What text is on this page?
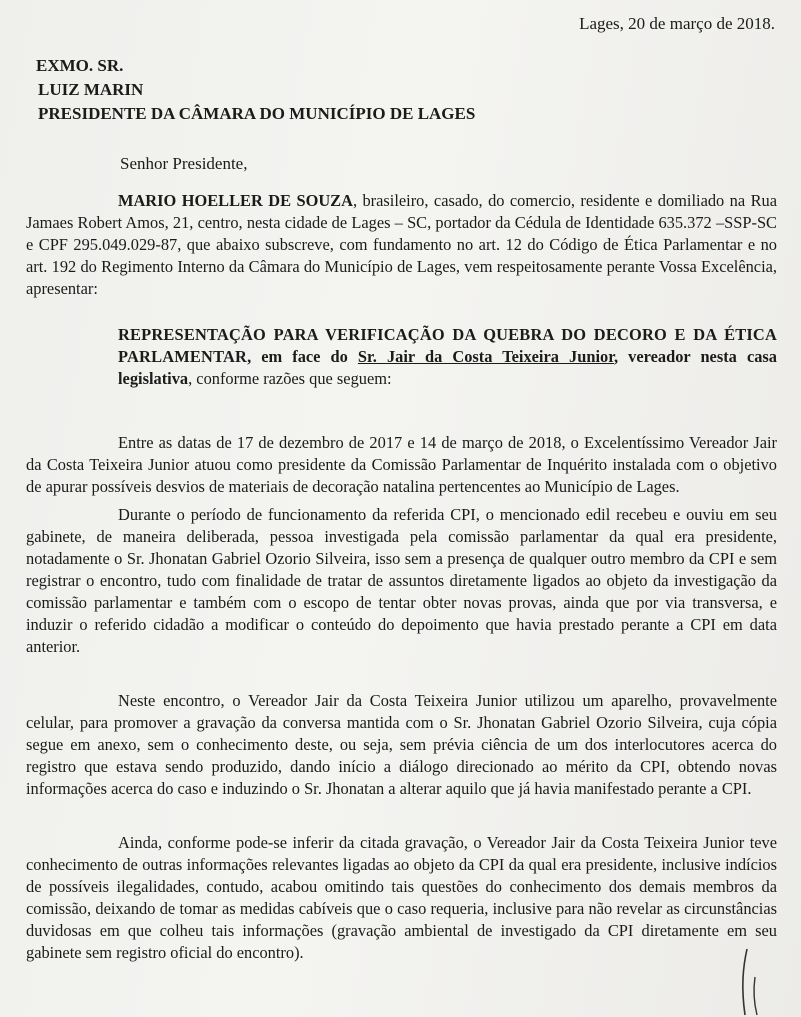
Lages, 20 de março de 2018.
EXMO. SR.
LUIZ MARIN
PRESIDENTE DA CÂMARA DO MUNICÍPIO DE LAGES
Senhor Presidente,

MARIO HOELLER DE SOUZA, brasileiro, casado, do comercio, residente e domiliado na Rua Jamaes Robert Amos, 21, centro, nesta cidade de Lages – SC, portador da Cédula de Identidade 635.372 –SSP-SC e CPF 295.049.029-87, que abaixo subscreve, com fundamento no art. 12 do Código de Ética Parlamentar e no art. 192 do Regimento Interno da Câmara do Município de Lages, vem respeitosamente perante Vossa Excelência, apresentar:

REPRESENTAÇÃO PARA VERIFICAÇÃO DA QUEBRA DO DECORO E DA ÉTICA PARLAMENTAR, em face do Sr. Jair da Costa Teixeira Junior, vereador nesta casa legislativa, conforme razões que seguem:

Entre as datas de 17 de dezembro de 2017 e 14 de março de 2018, o Excelentíssimo Vereador Jair da Costa Teixeira Junior atuou como presidente da Comissão Parlamentar de Inquérito instalada com o objetivo de apurar possíveis desvios de materiais de decoração natalina pertencentes ao Município de Lages.

Durante o período de funcionamento da referida CPI, o mencionado edil recebeu e ouviu em seu gabinete, de maneira deliberada, pessoa investigada pela comissão parlamentar da qual era presidente, notadamente o Sr. Jhonatan Gabriel Ozorio Silveira, isso sem a presença de qualquer outro membro da CPI e sem registrar o encontro, tudo com finalidade de tratar de assuntos diretamente ligados ao objeto da investigação da comissão parlamentar e também com o escopo de tentar obter novas provas, ainda que por via transversa, e induzir o referido cidadão a modificar o conteúdo do depoimento que havia prestado perante a CPI em data anterior.

Neste encontro, o Vereador Jair da Costa Teixeira Junior utilizou um aparelho, provavelmente celular, para promover a gravação da conversa mantida com o Sr. Jhonatan Gabriel Ozorio Silveira, cuja cópia segue em anexo, sem o conhecimento deste, ou seja, sem prévia ciência de um dos interlocutores acerca do registro que estava sendo produzido, dando início a diálogo direcionado ao mérito da CPI, obtendo novas informações acerca do caso e induzindo o Sr. Jhonatan a alterar aquilo que já havia manifestado perante a CPI.

Ainda, conforme pode-se inferir da citada gravação, o Vereador Jair da Costa Teixeira Junior teve conhecimento de outras informações relevantes ligadas ao objeto da CPI da qual era presidente, inclusive indícios de possíveis ilegalidades, contudo, acabou omitindo tais questões do conhecimento dos demais membros da comissão, deixando de tomar as medidas cabíveis que o caso requeria, inclusive para não revelar as circunstâncias duvidosas em que colheu tais informações (gravação ambiental de investigado da CPI diretamente em seu gabinete sem registro oficial do encontro).
